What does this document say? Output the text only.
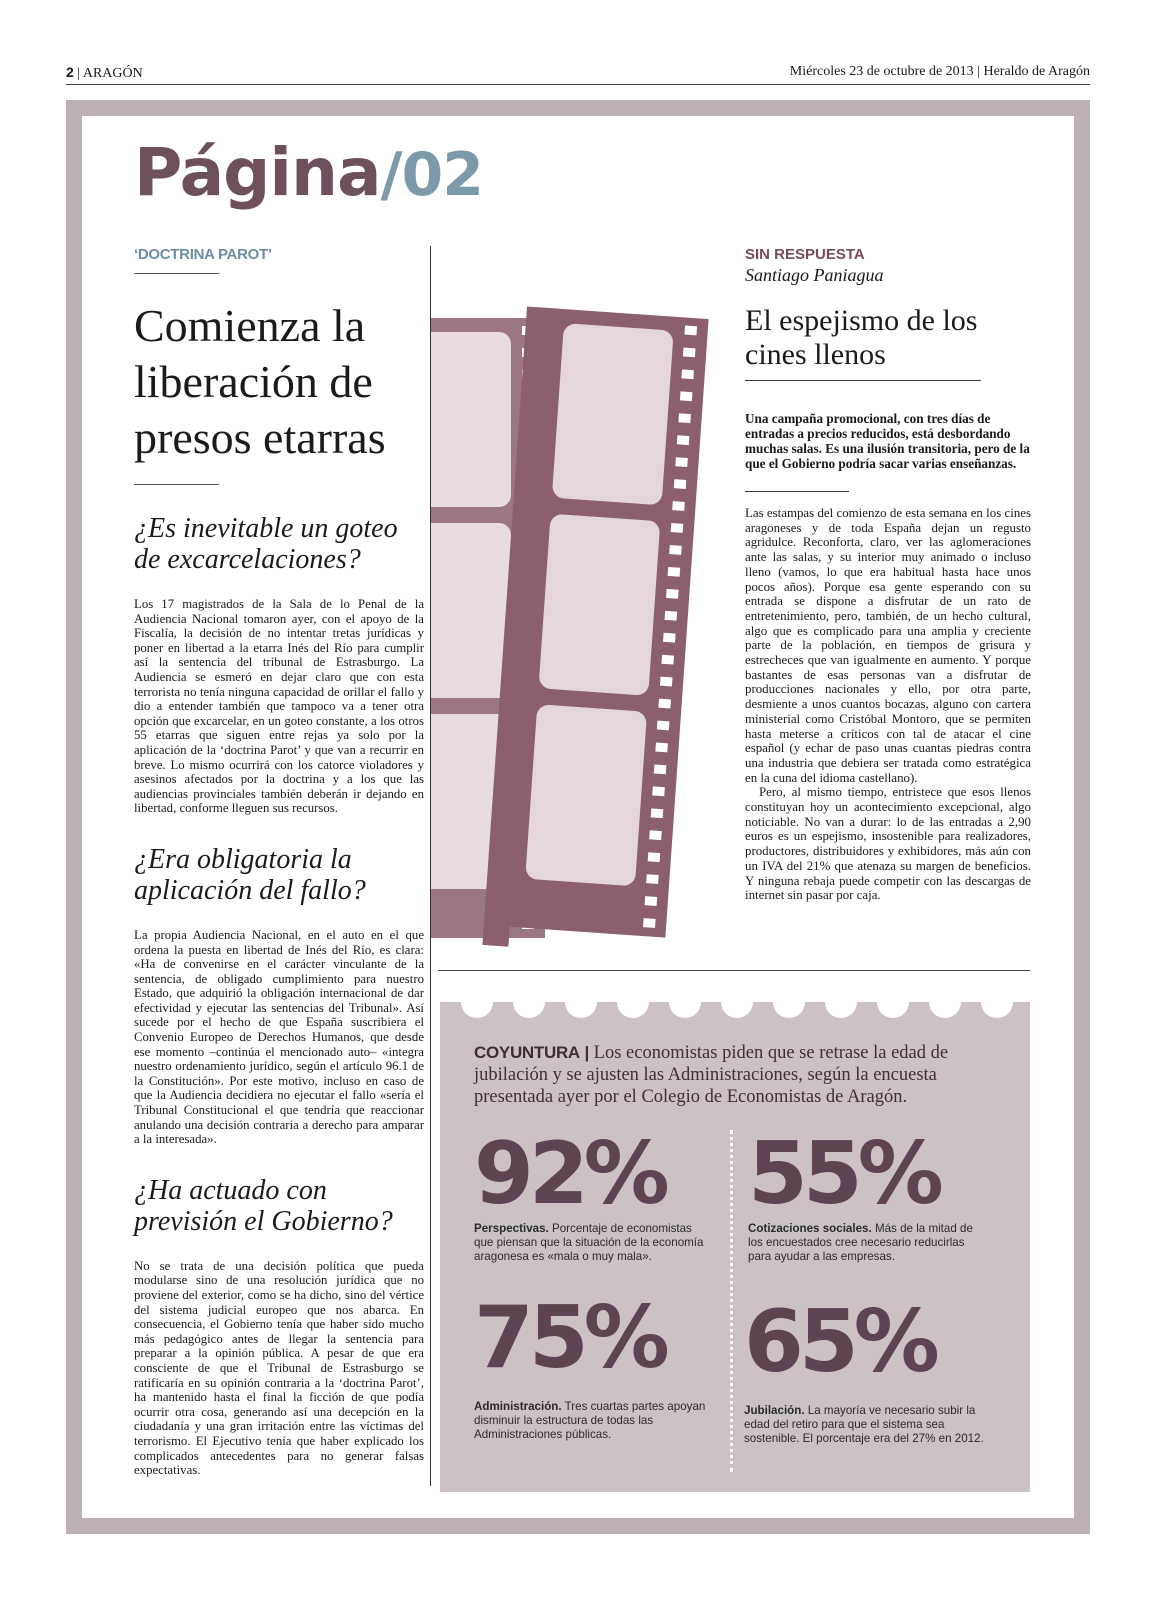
2 | ARAGÓN	Miércoles 23 de octubre de 2013 | Heraldo de Aragón
Página/02
‘DOCTRINA PAROT’
Comienza la liberación de presos etarras
¿Es inevitable un goteo de excarcelaciones?

Los 17 magistrados de la Sala de lo Penal de la Audiencia Nacional tomaron ayer, con el apoyo de la Fiscalía, la decisión de no intentar tretas jurídicas y poner en libertad a la etarra Inés del Río para cumplir así la sentencia del tribunal de Estrasburgo. La Audiencia se esmeró en dejar claro que con esta terrorista no tenía ninguna capacidad de orillar el fallo y dio a entender también que tampoco va a tener otra opción que excarcelar, en un goteo constante, a los otros 55 etarras que siguen entre rejas ya solo por la aplicación de la ‘doctrina Parot’ y que van a recurrir en breve. Lo mismo ocurrirá con los catorce violadores y asesinos afectados por la doctrina y a los que las audiencias provinciales también deberán ir dejando en libertad, conforme lleguen sus recursos.

¿Era obligatoria la aplicación del fallo?

La propia Audiencia Nacional, en el auto en el que ordena la puesta en libertad de Inés del Río, es clara: «Ha de convenirse en el carácter vinculante de la sentencia, de obligado cumplimiento para nuestro Estado, que adquirió la obligación internacional de dar efectividad y ejecutar las sentencias del Tribunal». Así sucede por el hecho de que España suscribiera el Convenio Europeo de Derechos Humanos, que desde ese momento –continúa el mencionado auto– «integra nuestro ordenamiento jurídico, según el artículo 96.1 de la Constitución». Por este motivo, incluso en caso de que la Audiencia decidiera no ejecutar el fallo «sería el Tribunal Constitucional el que tendría que reaccionar anulando una decisión contraria a derecho para amparar a la interesada».

¿Ha actuado con previsión el Gobierno?

No se trata de una decisión política que pueda modularse sino de una resolución jurídica que no proviene del exterior, como se ha dicho, sino del vértice del sistema judicial europeo que nos abarca. En consecuencia, el Gobierno tenía que haber sido mucho más pedagógico antes de llegar la sentencia para preparar a la opinión pública. A pesar de que era consciente de que el Tribunal de Estrasburgo se ratificaría en su opinión contraria a la ‘doctrina Parot’, ha mantenido hasta el final la ficción de que podía ocurrir otra cosa, generando así una decepción en la ciudadanía y una gran irritación entre las víctimas del terrorismo. El Ejecutivo tenía que haber explicado los complicados antecedentes para no generar falsas expectativas.

SIN RESPUESTA
Santiago Paniagua
El espejismo de los cines llenos

Una campaña promocional, con tres días de entradas a precios reducidos, está desbordando muchas salas. Es una ilusión transitoria, pero de la que el Gobierno podría sacar varias enseñanzas.

Las estampas del comienzo de esta semana en los cines aragoneses y de toda España dejan un regusto agridulce. Reconforta, claro, ver las aglomeraciones ante las salas, y su interior muy animado o incluso lleno (vamos, lo que era habitual hasta hace unos pocos años). Porque esa gente esperando con su entrada se dispone a disfrutar de un rato de entretenimiento, pero, también, de un hecho cultural, algo que es complicado para una amplia y creciente parte de la población, en tiempos de grisura y estrecheces que van igualmente en aumento. Y porque bastantes de esas personas van a disfrutar de producciones nacionales y ello, por otra parte, desmiente a unos cuantos bocazas, alguno con cartera ministerial como Cristóbal Montoro, que se permiten hasta meterse a críticos con tal de atacar el cine español (y echar de paso unas cuantas piedras contra una industria que debiera ser tratada como estratégica en la cuna del idioma castellano).

Pero, al mismo tiempo, entristece que esos llenos constituyan hoy un acontecimiento excepcional, algo noticiable. No van a durar: lo de las entradas a 2,90 euros es un espejismo, insostenible para realizadores, productores, distribuidores y exhibidores, más aún con un IVA del 21% que atenaza su margen de beneficios. Y ninguna rebaja puede competir con las descargas de internet sin pasar por caja.

COYUNTURA | Los economistas piden que se retrase la edad de jubilación y se ajusten las Administraciones, según la encuesta presentada ayer por el Colegio de Economistas de Aragón.
92%
Perspectivas. Porcentaje de economistas que piensan que la situación de la economía aragonesa es «mala o muy mala».
55%
Cotizaciones sociales. Más de la mitad de los encuestados cree necesario reducirlas para ayudar a las empresas.
75%
Administración. Tres cuartas partes apoyan disminuir la estructura de todas las Administraciones públicas.
65%
Jubilación. La mayoría ve necesario subir la edad del retiro para que el sistema sea sostenible. El porcentaje era del 27% en 2012.
